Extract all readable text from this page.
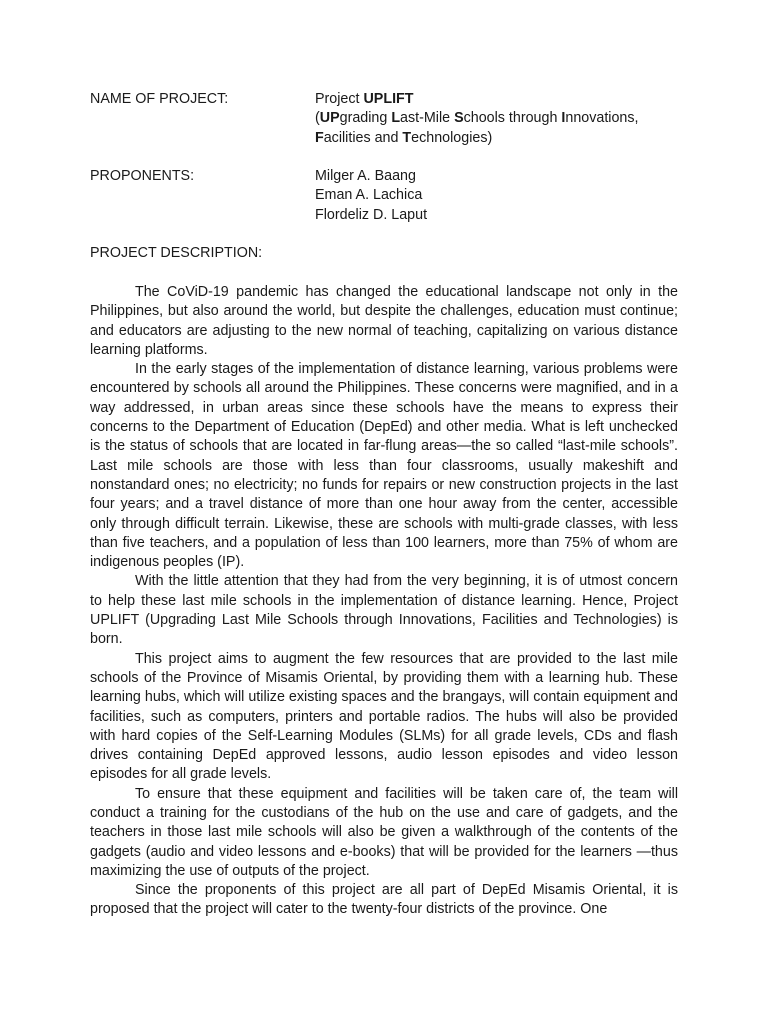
NAME OF PROJECT:	Project UPLIFT
(UPgrading Last-Mile Schools through Innovations,
Facilities and Technologies)
PROPONENTS:	Milger A. Baang
Eman A. Lachica
Flordeliz D. Laput
PROJECT DESCRIPTION:

The CoViD-19 pandemic has changed the educational landscape not only in the Philippines, but also around the world, but despite the challenges, education must continue; and educators are adjusting to the new normal of teaching, capitalizing on various distance learning platforms.

In the early stages of the implementation of distance learning, various problems were encountered by schools all around the Philippines. These concerns were magnified, and in a way addressed, in urban areas since these schools have the means to express their concerns to the Department of Education (DepEd) and other media. What is left unchecked is the status of schools that are located in far-flung areas—the so called “last-mile schools”. Last mile schools are those with less than four classrooms, usually makeshift and nonstandard ones; no electricity; no funds for repairs or new construction projects in the last four years; and a travel distance of more than one hour away from the center, accessible only through difficult terrain. Likewise, these are schools with multi-grade classes, with less than five teachers, and a population of less than 100 learners, more than 75% of whom are indigenous peoples (IP).

With the little attention that they had from the very beginning, it is of utmost concern to help these last mile schools in the implementation of distance learning. Hence, Project UPLIFT (Upgrading Last Mile Schools through Innovations, Facilities and Technologies) is born.

This project aims to augment the few resources that are provided to the last mile schools of the Province of Misamis Oriental, by providing them with a learning hub. These learning hubs, which will utilize existing spaces and the brangays, will contain equipment and facilities, such as computers, printers and portable radios. The hubs will also be provided with hard copies of the Self-Learning Modules (SLMs) for all grade levels, CDs and flash drives containing DepEd approved lessons, audio lesson episodes and video lesson episodes for all grade levels.

To ensure that these equipment and facilities will be taken care of, the team will conduct a training for the custodians of the hub on the use and care of gadgets, and the teachers in those last mile schools will also be given a walkthrough of the contents of the gadgets (audio and video lessons and e-books) that will be provided for the learners —thus maximizing the use of outputs of the project.

Since the proponents of this project are all part of DepEd Misamis Oriental, it is proposed that the project will cater to the twenty-four districts of the province. One
